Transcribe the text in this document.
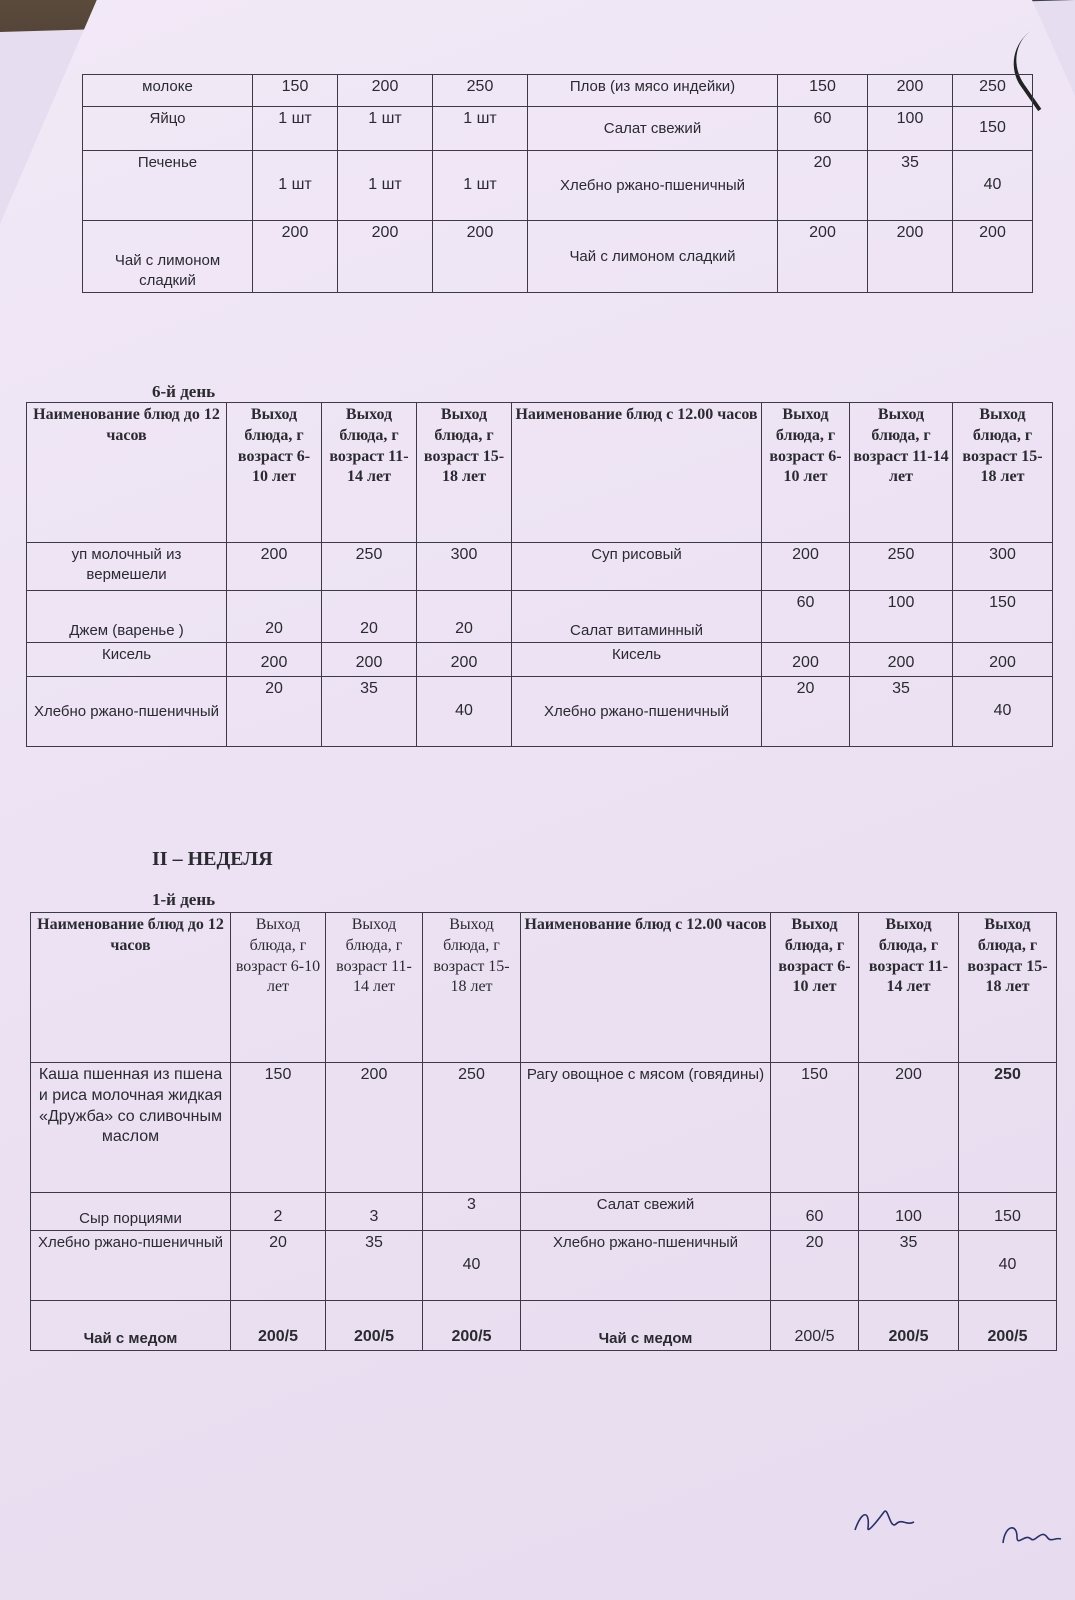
молоке	150	200	250	Плов (из мясо индейки)	150	200	250
Яйцо	1 шт	1 шт	1 шт	Салат свежий	60	100	150
Печенье	1 шт	1 шт	1 шт	Хлебно ржано-пшеничный	20	35	40
Чай с лимоном сладкий	200	200	200	Чай с лимоном сладкий	200	200	200
6-й день
Наименование блюд до 12 часов	Выход блюда, г возраст 6-10 лет	Выход блюда, г возраст 11-14 лет	Выход блюда, г возраст 15-18 лет	Наименование блюд с 12.00 часов	Выход блюда, г возраст 6-10 лет	Выход блюда, г возраст 11-14 лет	Выход блюда, г возраст 15-18 лет
уп молочный из вермешели	200	250	300	Суп рисовый	200	250	300
Джем (варенье )	20	20	20	Салат витаминный	60	100	150
Кисель	200	200	200	Кисель	200	200	200
Хлебно ржано-пшеничный	20	35	40	Хлебно ржано-пшеничный	20	35	40
II – НЕДЕЛЯ
1-й день
Наименование блюд до 12 часов	Выход блюда, г возраст 6-10 лет	Выход блюда, г возраст 11-14 лет	Выход блюда, г возраст 15-18 лет	Наименование блюд с 12.00 часов	Выход блюда, г возраст 6-10 лет	Выход блюда, г возраст 11-14 лет	Выход блюда, г возраст 15-18 лет
Каша пшенная из пшена и риса молочная жидкая «Дружба» со сливочным маслом	150	200	250	Рагу овощное с мясом (говядины)	150	200	250
Сыр порциями	2	3	3	Салат свежий	60	100	150
Хлебно ржано-пшеничный	20	35	40	Хлебно ржано-пшеничный	20	35	40
Чай с медом	200/5	200/5	200/5	Чай с медом	200/5	200/5	200/5
